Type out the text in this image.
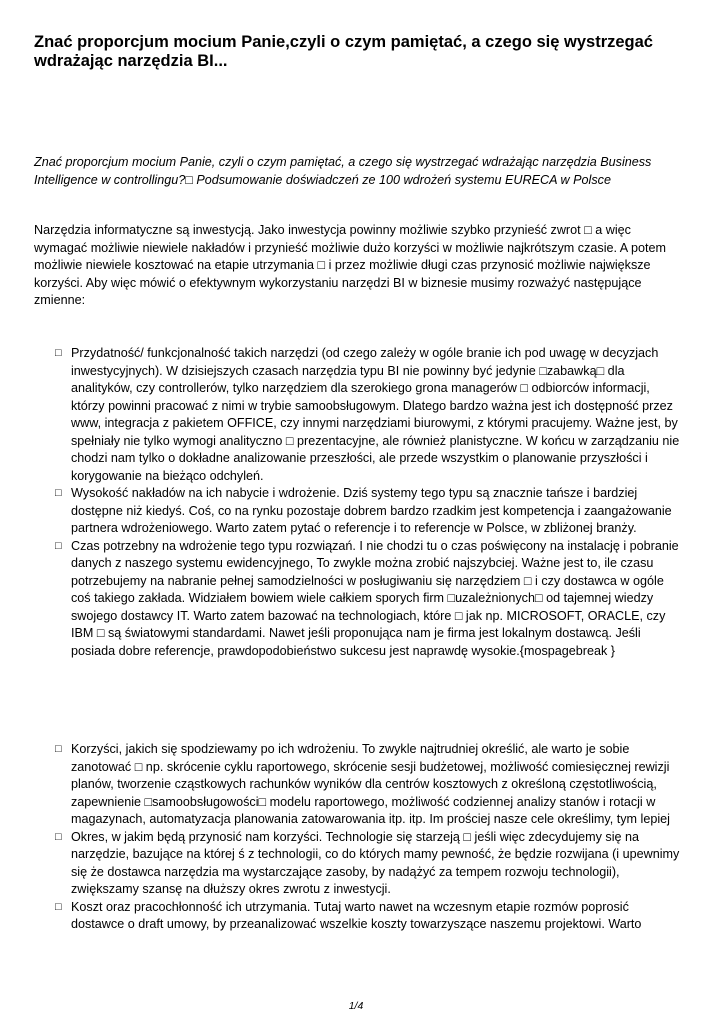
Znać proporcjum mocium Panie,czyli o czym pamiętać, a czego się wystrzegać wdrażając narzędzia BI...

Znać proporcjum mocium Panie, czyli o czym pamiętać, a czego się wystrzegać wdrażając narzędzia Business Intelligence w controllingu?□ Podsumowanie doświadczeń ze 100 wdrożeń systemu EURECA w Polsce

Narzędzia informatyczne są inwestycją. Jako inwestycja powinny możliwie szybko przynieść zwrot □ a więc wymagać możliwie niewiele nakładów i przynieść możliwie dużo korzyści w możliwie najkrótszym czasie. A potem możliwie niewiele kosztować na etapie utrzymania □ i przez możliwie długi czas przynosić możliwie największe korzyści. Aby więc mówić o efektywnym wykorzystaniu narzędzi BI w biznesie musimy rozważyć następujące zmienne:

□ Przydatność/ funkcjonalność takich narzędzi (od czego zależy w ogóle branie ich pod uwagę w decyzjach inwestycyjnych). W dzisiejszych czasach narzędzia typu BI nie powinny być jedynie □zabawką□ dla analityków, czy controllerów, tylko narzędziem dla szerokiego grona managerów □ odbiorców informacji, którzy powinni pracować z nimi w trybie samoobsługowym. Dlatego bardzo ważna jest ich dostępność przez www, integracja z pakietem OFFICE, czy innymi narzędziami biurowymi, z którymi pracujemy. Ważne jest, by spełniały nie tylko wymogi analityczno □ prezentacyjne, ale również planistyczne. W końcu w zarządzaniu nie chodzi nam tylko o dokładne analizowanie przeszłości, ale przede wszystkim o planowanie przyszłości i korygowanie na bieżąco odchyleń.
□ Wysokość nakładów na ich nabycie i wdrożenie. Dziś systemy tego typu są znacznie tańsze i bardziej dostępne niż kiedyś. Coś, co na rynku pozostaje dobrem bardzo rzadkim jest kompetencja i zaangażowanie partnera wdrożeniowego. Warto zatem pytać o referencje i to referencje w Polsce, w zbliżonej branży.
□ Czas potrzebny na wdrożenie tego typu rozwiązań. I nie chodzi tu o czas poświęcony na instalację i pobranie danych z naszego systemu ewidencyjnego, To zwykle można zrobić najszybciej. Ważne jest to, ile czasu potrzebujemy na nabranie pełnej samodzielności w posługiwaniu się narzędziem □ i czy dostawca w ogóle coś takiego zakłada. Widziałem bowiem wiele całkiem sporych firm □uzależnionych□ od tajemnej wiedzy swojego dostawcy IT. Warto zatem bazować na technologiach, które □ jak np. MICROSOFT, ORACLE, czy IBM □ są światowymi standardami. Nawet jeśli proponująca nam je firma jest lokalnym dostawcą. Jeśli posiada dobre referencje, prawdopodobieństwo sukcesu jest naprawdę wysokie.{mospagebreak }
□ Korzyści, jakich się spodziewamy po ich wdrożeniu. To zwykle najtrudniej określić, ale warto je sobie zanotować □ np. skrócenie cyklu raportowego, skrócenie sesji budżetowej, możliwość comiesięcznej rewizji planów, tworzenie cząstkowych rachunków wyników dla centrów kosztowych z określoną częstotliwością, zapewnienie □samoobsługowości□ modelu raportowego, możliwość codziennej analizy stanów i rotacji w magazynach, automatyzacja planowania zatowarowania itp. itp. Im prościej nasze cele określimy, tym lepiej
□ Okres, w jakim będą przynosić nam korzyści. Technologie się starzeją □ jeśli więc zdecydujemy się na narzędzie, bazujące na której ś z technologii, co do których mamy pewność, że będzie rozwijana (i upewnimy się że dostawca narzędzia ma wystarczające zasoby, by nadążyć za tempem rozwoju technologii), zwiększamy szansę na dłuższy okres zwrotu z inwestycji.
□ Koszt oraz pracochłonność ich utrzymania. Tutaj warto nawet na wczesnym etapie rozmów poprosić dostawce o draft umowy, by przeanalizować wszelkie koszty towarzyszące naszemu projektowi. Warto
1/4
